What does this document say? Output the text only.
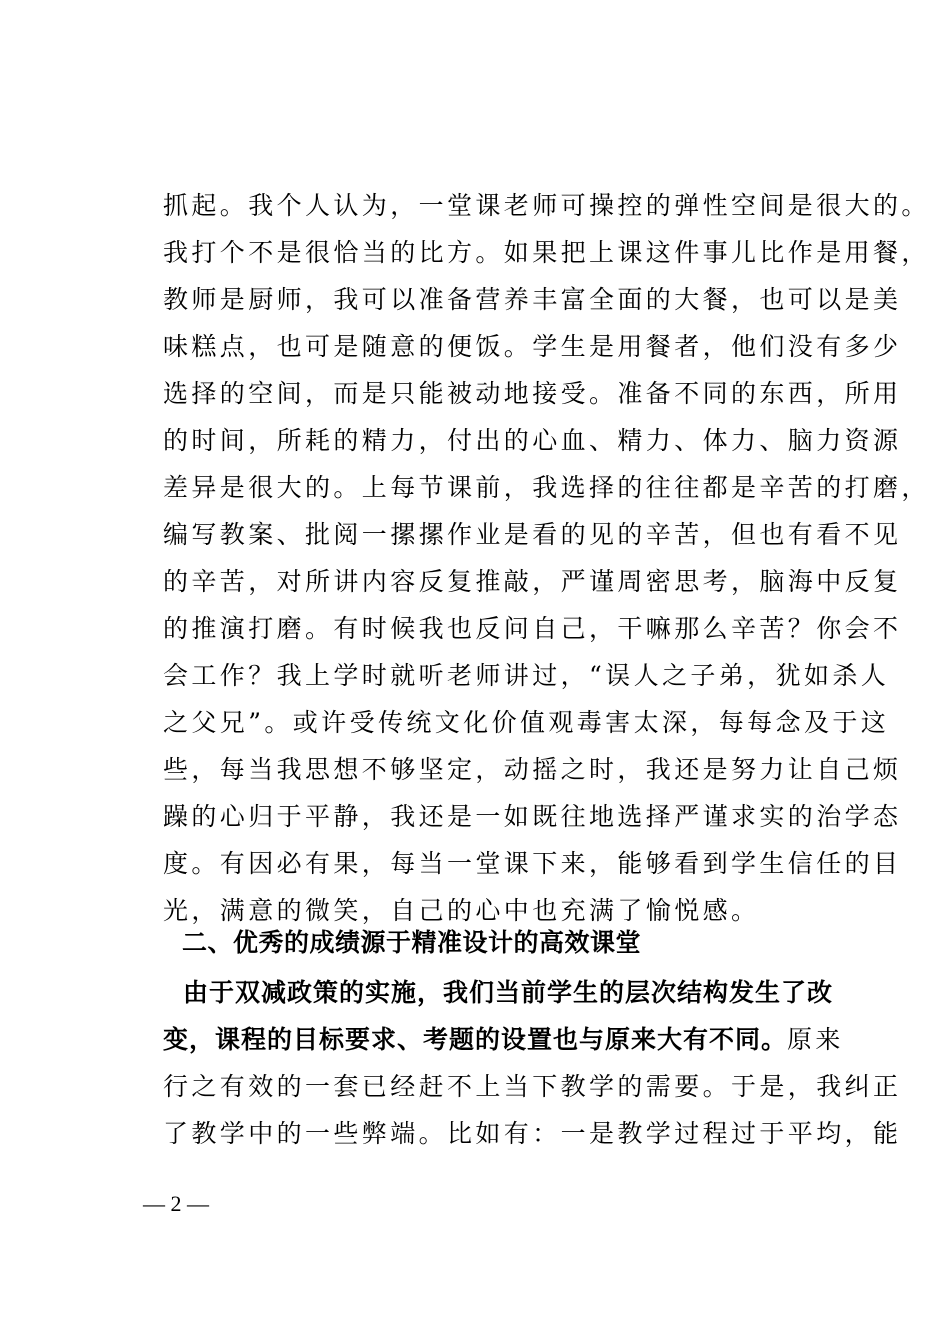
抓起。我个人认为，一堂课老师可操控的弹性空间是很大的。
我打个不是很恰当的比方。如果把上课这件事儿比作是用餐，
教师是厨师，我可以准备营养丰富全面的大餐，也可以是美
味糕点，也可是随意的便饭。学生是用餐者，他们没有多少
选择的空间，而是只能被动地接受。准备不同的东西，所用
的时间，所耗的精力，付出的心血、精力、体力、脑力资源
差异是很大的。上每节课前，我选择的往往都是辛苦的打磨，
编写教案、批阅一摞摞作业是看的见的辛苦，但也有看不见
的辛苦，对所讲内容反复推敲，严谨周密思考，脑海中反复
的推演打磨。有时候我也反问自己，干嘛那么辛苦？你会不
会工作？我上学时就听老师讲过，“误人之子弟，犹如杀人
之父兄”。或许受传统文化价值观毒害太深，每每念及于这
些，每当我思想不够坚定，动摇之时，我还是努力让自己烦
躁的心归于平静，我还是一如既往地选择严谨求实的治学态
度。有因必有果，每当一堂课下来，能够看到学生信任的目
光，满意的微笑，自己的心中也充满了愉悦感。
二、优秀的成绩源于精准设计的高效课堂
由于双减政策的实施，我们当前学生的层次结构发生了改
变，课程的目标要求、考题的设置也与原来大有不同。原来
行之有效的一套已经赶不上当下教学的需要。于是，我纠正
了教学中的一些弊端。比如有：一是教学过程过于平均，能
— 2 —
